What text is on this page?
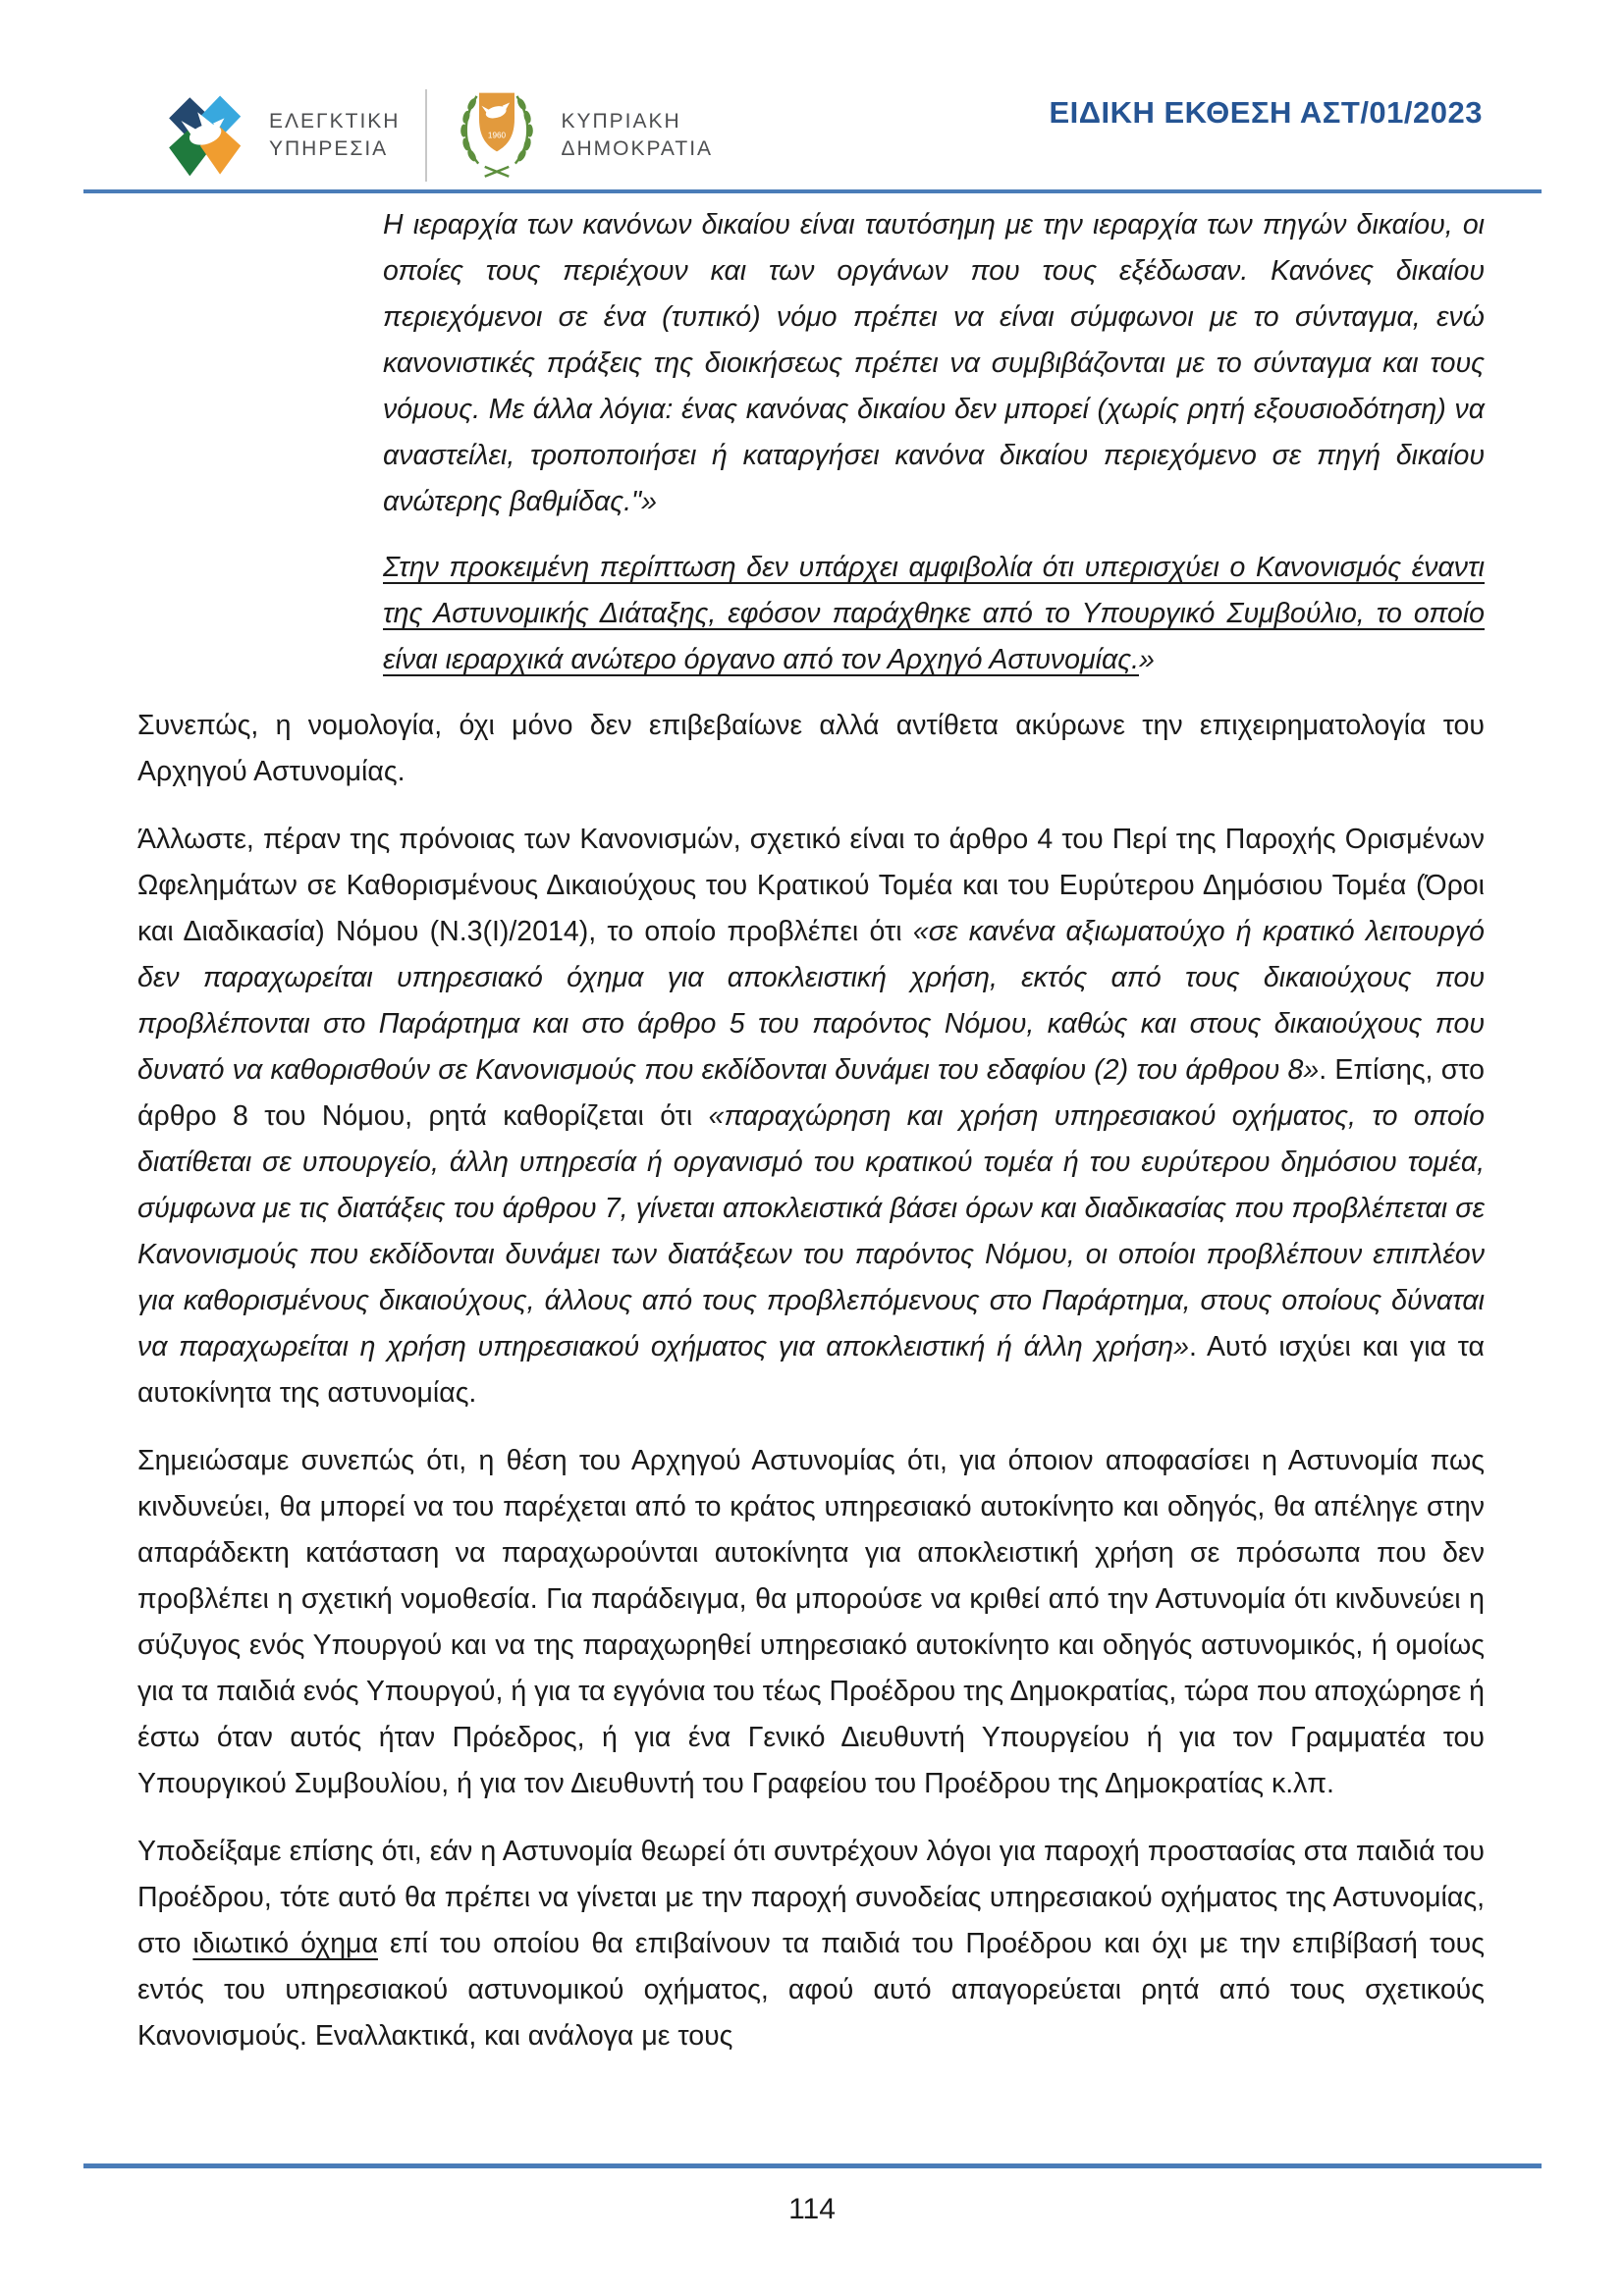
ΕΛΕΓΚΤΙΚΗ
ΥΠΗΡΕΣΙΑ
1960
ΚΥΠΡΙΑΚΗ
ΔΗΜΟΚΡΑΤΙΑ
ΕΙΔΙΚΗ ΕΚΘΕΣΗ ΑΣΤ/01/2023

Η ιεραρχία των κανόνων δικαίου είναι ταυτόσημη με την ιεραρχία των πηγών δικαίου, οι οποίες τους περιέχουν και των οργάνων που τους εξέδωσαν. Κανόνες δικαίου περιεχόμενοι σε ένα (τυπικό) νόμο πρέπει να είναι σύμφωνοι με το σύνταγμα, ενώ κανονιστικές πράξεις της διοικήσεως πρέπει να συμβιβάζονται με το σύνταγμα και τους νόμους. Με άλλα λόγια: ένας κανόνας δικαίου δεν μπορεί (χωρίς ρητή εξουσιοδότηση) να αναστείλει, τροποποιήσει ή καταργήσει κανόνα δικαίου περιεχόμενο σε πηγή δικαίου ανώτερης βαθμίδας."»

Στην προκειμένη περίπτωση δεν υπάρχει αμφιβολία ότι υπερισχύει ο Κανονισμός έναντι της Αστυνομικής Διάταξης, εφόσον παράχθηκε από το Υπουργικό Συμβούλιο, το οποίο είναι ιεραρχικά ανώτερο όργανο από τον Αρχηγό Αστυνομίας.»

Συνεπώς, η νομολογία, όχι μόνο δεν επιβεβαίωνε αλλά αντίθετα ακύρωνε την επιχειρηματολογία του Αρχηγού Αστυνομίας.

Άλλωστε, πέραν της πρόνοιας των Κανονισμών, σχετικό είναι το άρθρο 4 του Περί της Παροχής Ορισμένων Ωφελημάτων σε Καθορισμένους Δικαιούχους του Κρατικού Τομέα και του Ευρύτερου Δημόσιου Τομέα (Όροι και Διαδικασία) Νόμου (Ν.3(Ι)/2014), το οποίο προβλέπει ότι «σε κανένα αξιωματούχο ή κρατικό λειτουργό δεν παραχωρείται υπηρεσιακό όχημα για αποκλειστική χρήση, εκτός από τους δικαιούχους που προβλέπονται στο Παράρτημα και στο άρθρο 5 του παρόντος Νόμου, καθώς και στους δικαιούχους που δυνατό να καθορισθούν σε Κανονισμούς που εκδίδονται δυνάμει του εδαφίου (2) του άρθρου 8». Επίσης, στο άρθρο 8 του Νόμου, ρητά καθορίζεται ότι «παραχώρηση και χρήση υπηρεσιακού οχήματος, το οποίο διατίθεται σε υπουργείο, άλλη υπηρεσία ή οργανισμό του κρατικού τομέα ή του ευρύτερου δημόσιου τομέα, σύμφωνα με τις διατάξεις του άρθρου 7, γίνεται αποκλειστικά βάσει όρων και διαδικασίας που προβλέπεται σε Κανονισμούς που εκδίδονται δυνάμει των διατάξεων του παρόντος Νόμου, οι οποίοι προβλέπουν επιπλέον για καθορισμένους δικαιούχους, άλλους από τους προβλεπόμενους στο Παράρτημα, στους οποίους δύναται να παραχωρείται η χρήση υπηρεσιακού οχήματος για αποκλειστική ή άλλη χρήση». Αυτό ισχύει και για τα αυτοκίνητα της αστυνομίας.

Σημειώσαμε συνεπώς ότι, η θέση του Αρχηγού Αστυνομίας ότι, για όποιον αποφασίσει η Αστυνομία πως κινδυνεύει, θα μπορεί να του παρέχεται από το κράτος υπηρεσιακό αυτοκίνητο και οδηγός, θα απέληγε στην απαράδεκτη κατάσταση να παραχωρούνται αυτοκίνητα για αποκλειστική χρήση σε πρόσωπα που δεν προβλέπει η σχετική νομοθεσία. Για παράδειγμα, θα μπορούσε να κριθεί από την Αστυνομία ότι κινδυνεύει η σύζυγος ενός Υπουργού και να της παραχωρηθεί υπηρεσιακό αυτοκίνητο και οδηγός αστυνομικός, ή ομοίως για τα παιδιά ενός Υπουργού, ή για τα εγγόνια του τέως Προέδρου της Δημοκρατίας, τώρα που αποχώρησε ή έστω όταν αυτός ήταν Πρόεδρος, ή για ένα Γενικό Διευθυντή Υπουργείου ή για τον Γραμματέα του Υπουργικού Συμβουλίου, ή για τον Διευθυντή του Γραφείου του Προέδρου της Δημοκρατίας κ.λπ.

Υποδείξαμε επίσης ότι, εάν η Αστυνομία θεωρεί ότι συντρέχουν λόγοι για παροχή προστασίας στα παιδιά του Προέδρου, τότε αυτό θα πρέπει να γίνεται με την παροχή συνοδείας υπηρεσιακού οχήματος της Αστυνομίας, στο ιδιωτικό όχημα επί του οποίου θα επιβαίνουν τα παιδιά του Προέδρου και όχι με την επιβίβασή τους εντός του υπηρεσιακού αστυνομικού οχήματος, αφού αυτό απαγορεύεται ρητά από τους σχετικούς Κανονισμούς. Εναλλακτικά, και ανάλογα με τους

114
